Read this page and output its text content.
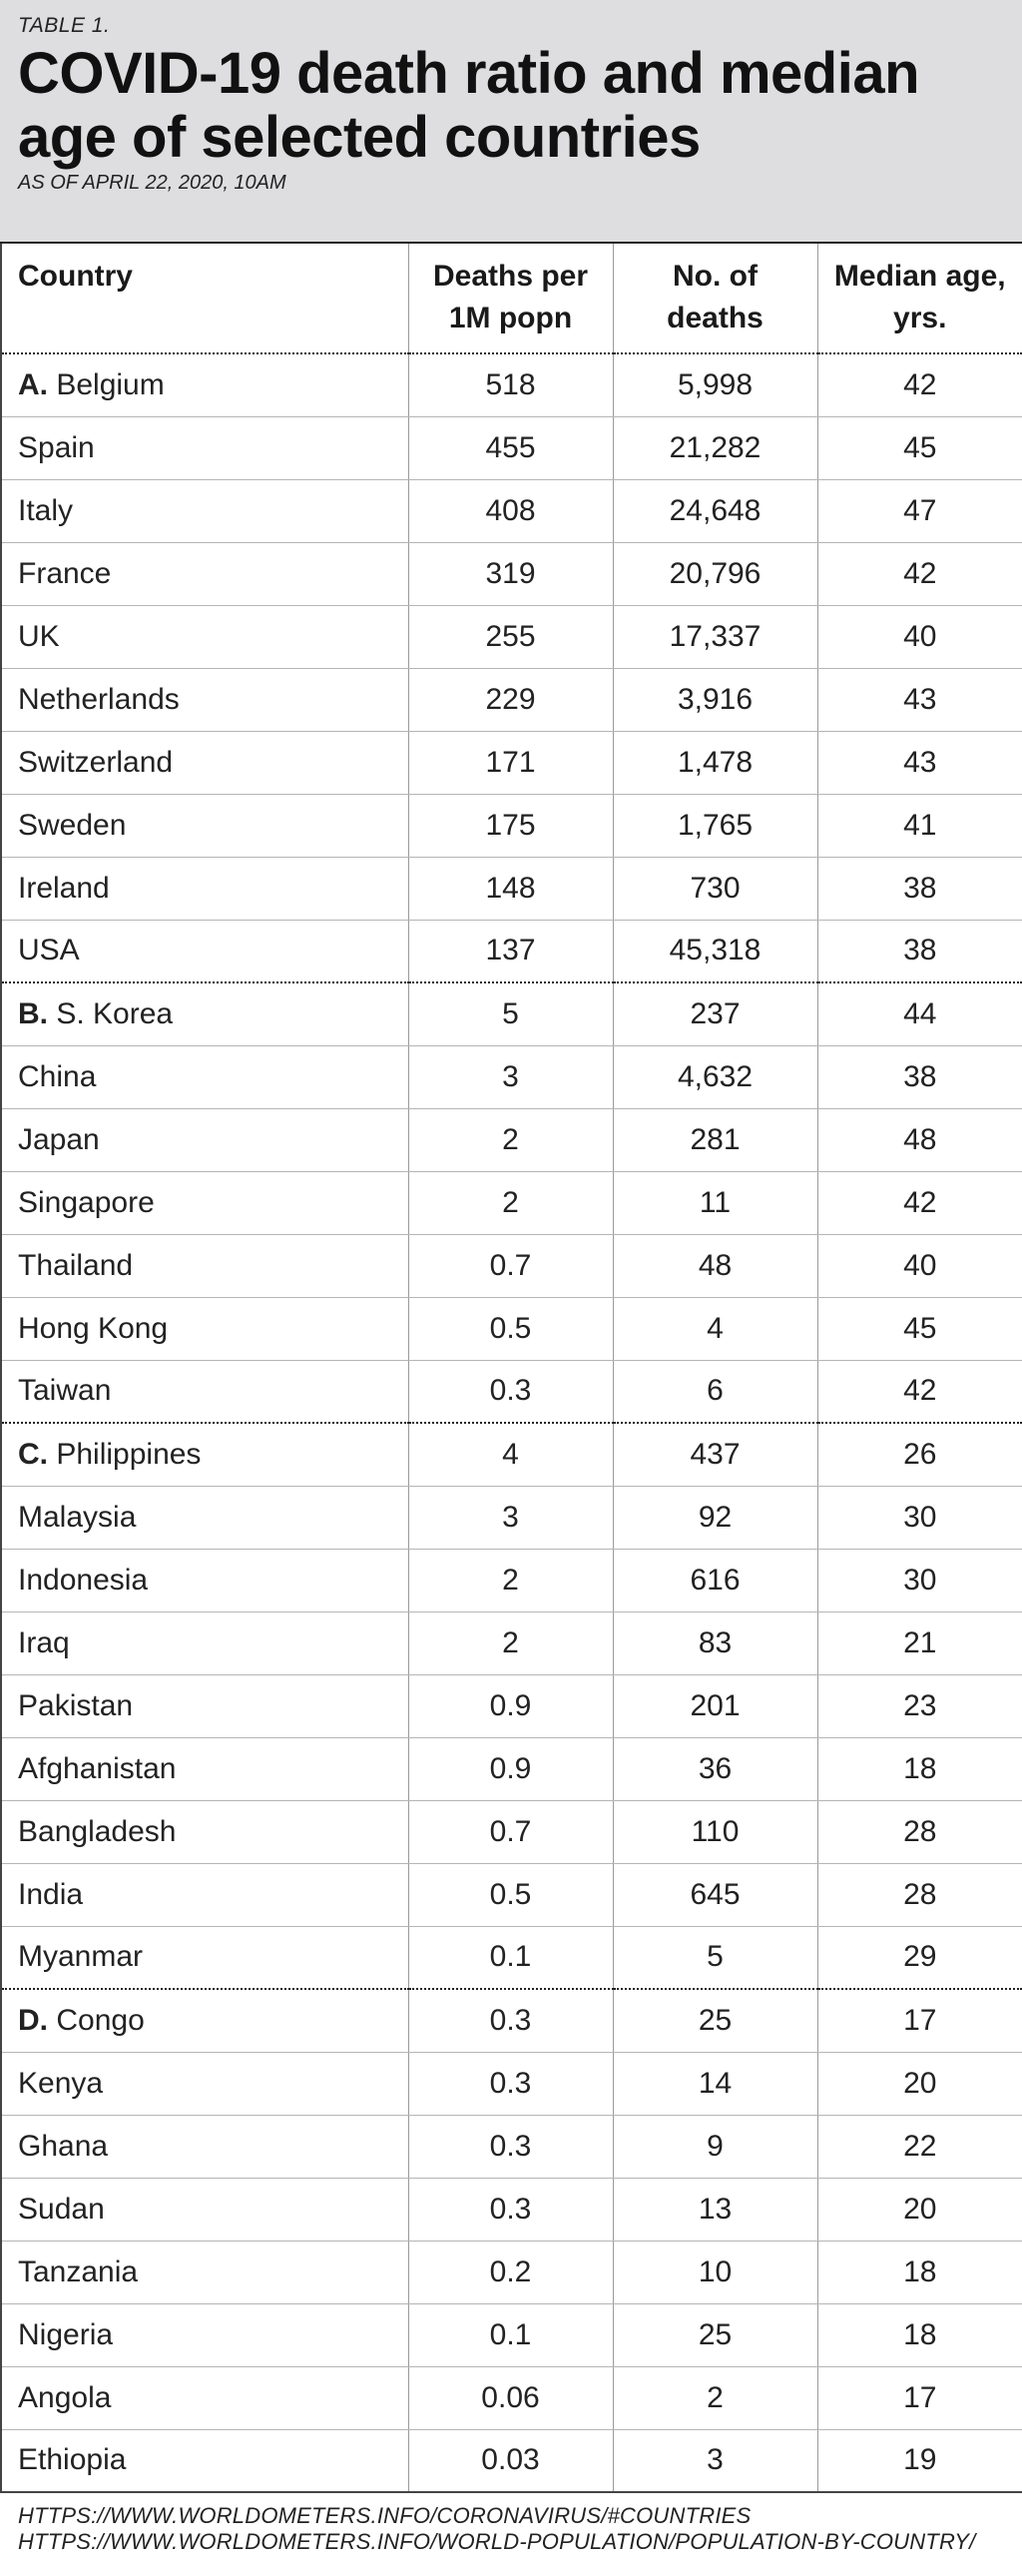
TABLE 1.
COVID-19 death ratio and median age of selected countries
AS OF APRIL 22, 2020, 10AM
Country	Deaths per 1M popn	No. of deaths	Median age, yrs.
A. Belgium	518	5,998	42
Spain	455	21,282	45
Italy	408	24,648	47
France	319	20,796	42
UK	255	17,337	40
Netherlands	229	3,916	43
Switzerland	171	1,478	43
Sweden	175	1,765	41
Ireland	148	730	38
USA	137	45,318	38
B. S. Korea	5	237	44
China	3	4,632	38
Japan	2	281	48
Singapore	2	11	42
Thailand	0.7	48	40
Hong Kong	0.5	4	45
Taiwan	0.3	6	42
C. Philippines	4	437	26
Malaysia	3	92	30
Indonesia	2	616	30
Iraq	2	83	21
Pakistan	0.9	201	23
Afghanistan	0.9	36	18
Bangladesh	0.7	110	28
India	0.5	645	28
Myanmar	0.1	5	29
D. Congo	0.3	25	17
Kenya	0.3	14	20
Ghana	0.3	9	22
Sudan	0.3	13	20
Tanzania	0.2	10	18
Nigeria	0.1	25	18
Angola	0.06	2	17
Ethiopia	0.03	3	19
HTTPS://WWW.WORLDOMETERS.INFO/CORONAVIRUS/#COUNTRIES
HTTPS://WWW.WORLDOMETERS.INFO/WORLD-POPULATION/POPULATION-BY-COUNTRY/
